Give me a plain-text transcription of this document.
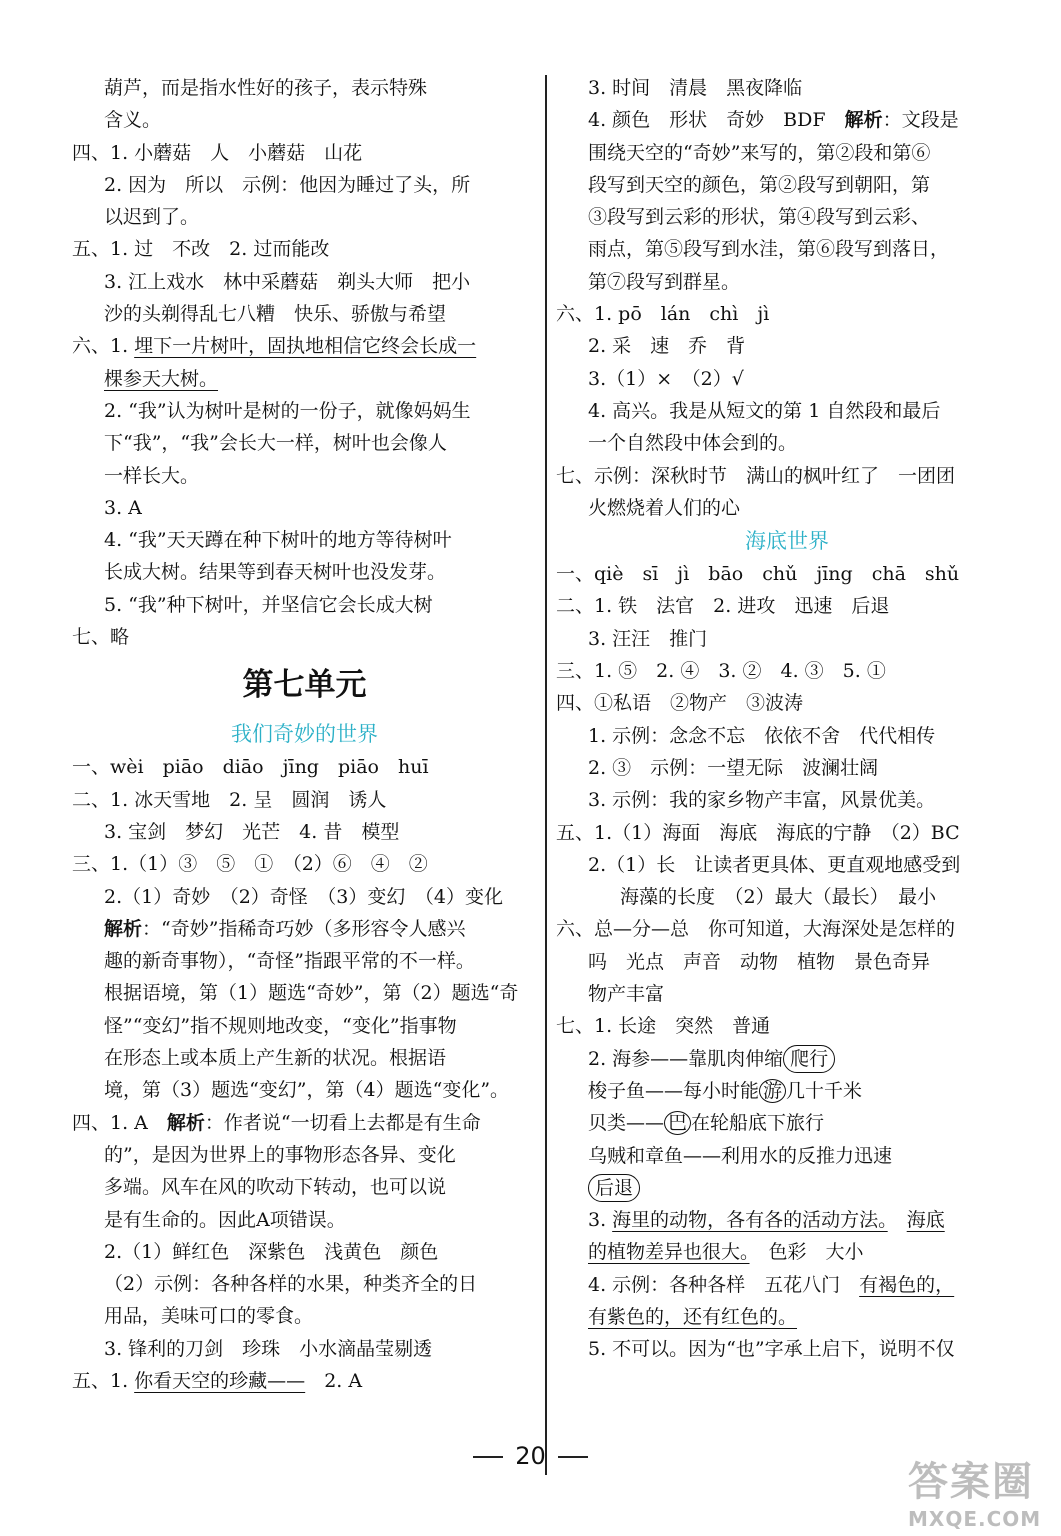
葫芦，而是指水性好的孩子，表示特殊
含义。
四、1. 小蘑菇　人　小蘑菇　山花
2. 因为　所以　示例：他因为睡过了头，所
以迟到了。
五、1. 过　不改　2. 过而能改
3. 江上戏水　林中采蘑菇　剃头大师　把小
沙的头剃得乱七八糟　快乐、骄傲与希望
六、1. 埋下一片树叶，固执地相信它终会长成一
棵参天大树。
2. “我”认为树叶是树的一份子，就像妈妈生
下“我”，“我”会长大一样，树叶也会像人
一样长大。
3. A
4. “我”天天蹲在种下树叶的地方等待树叶
长成大树。结果等到春天树叶也没发芽。
5. “我”种下树叶，并坚信它会长成大树
七、略
第七单元
我们奇妙的世界
一、wèi　piāo　diāo　jīng　piāo　huī
二、1. 冰天雪地　2. 呈　圆润　诱人
3. 宝剑　梦幻　光芒　4. 昔　模型
三、1.（1）③　⑤　①　（2）⑥　④　②
2.（1）奇妙　（2）奇怪　（3）变幻　（4）变化
解析：“奇妙”指稀奇巧妙（多形容令人感兴
趣的新奇事物），“奇怪”指跟平常的不一样。
根据语境，第（1）题选“奇妙”，第（2）题选“奇
怪”“变幻”指不规则地改变，“变化”指事物
在形态上或本质上产生新的状况。根据语
境，第（3）题选“变幻”，第（4）题选“变化”。
四、1. A　解析：作者说“一切看上去都是有生命
的”，是因为世界上的事物形态各异、变化
多端。风车在风的吹动下转动，也可以说
是有生命的。因此A项错误。
2.（1）鲜红色　深紫色　浅黄色　颜色
（2）示例：各种各样的水果，种类齐全的日
用品，美味可口的零食。
3. 锋利的刀剑　珍珠　小水滴晶莹剔透
五、1. 你看天空的珍藏——　2. A
3. 时间　清晨　黑夜降临
4. 颜色　形状　奇妙　BDF　解析：文段是
围绕天空的“奇妙”来写的，第②段和第⑥
段写到天空的颜色，第②段写到朝阳，第
③段写到云彩的形状，第④段写到云彩、
雨点，第⑤段写到水洼，第⑥段写到落日，
第⑦段写到群星。
六、1. pō　lán　chì　jì
2. 采　速　乔　背
3.（1）×　（2）√
4. 高兴。我是从短文的第 1 自然段和最后
一个自然段中体会到的。
七、示例：深秋时节　满山的枫叶红了　一团团
火燃烧着人们的心
海底世界
一、qiè　sī　jì　bāo　chǔ　jīng　chā　shǔ
二、1. 铁　法官　2. 进攻　迅速　后退
3. 汪汪　推门
三、1. ⑤　2. ④　3. ②　4. ③　5. ①
四、①私语　②物产　③波涛
1. 示例：念念不忘　依依不舍　代代相传
2. ③　示例：一望无际　波澜壮阔
3. 示例：我的家乡物产丰富，风景优美。
五、1.（1）海面　海底　海底的宁静　（2）BC
2.（1）长　让读者更具体、更直观地感受到
海藻的长度　（2）最大（最长）　最小
六、总—分—总　你可知道，大海深处是怎样的
吗　光点　声音　动物　植物　景色奇异
物产丰富
七、1. 长途　突然　普通
2. 海参——靠肌肉伸缩 爬行
梭子鱼——每小时能 游 几十千米
贝类—— 巴 在轮船底下旅行
乌贼和章鱼——利用水的反推力迅速
后退
3. 海里的动物，各有各的活动方法。　 海底
的植物差异也很大。　色彩　大小
4. 示例：各种各样　五花八门　有褐色的，
有紫色的，还有红色的。
5. 不可以。因为“也”字承上启下，说明不仅
20
答案圈
MXQE.COM
